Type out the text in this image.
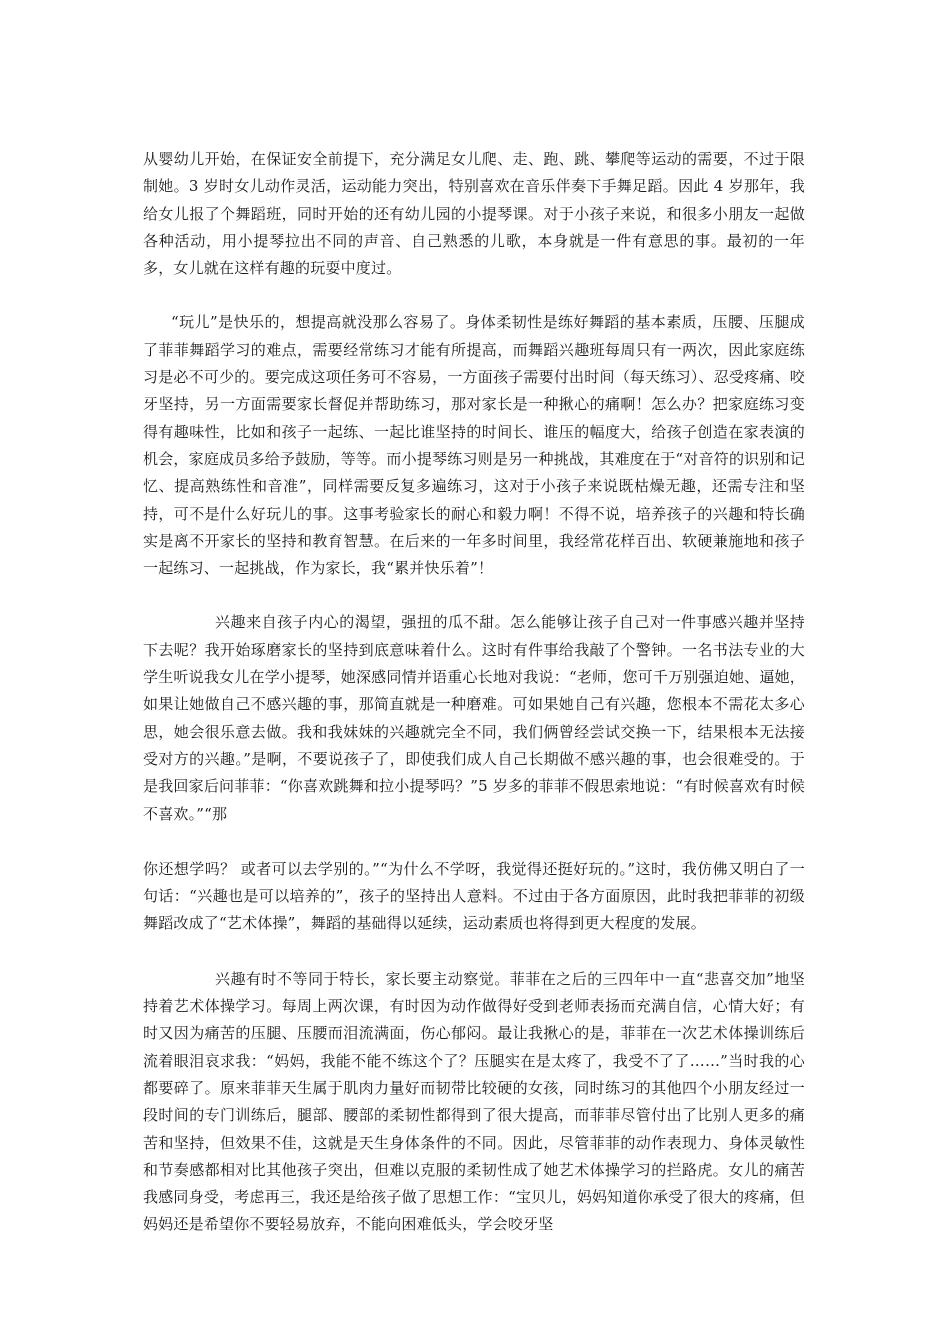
从婴幼儿开始，在保证安全前提下，充分满足女儿爬、走、跑、跳、攀爬等运动的需要，不过于限制她。3 岁时女儿动作灵活，运动能力突出，特别喜欢在音乐伴奏下手舞足蹈。因此 4 岁那年，我给女儿报了个舞蹈班，同时开始的还有幼儿园的小提琴课。对于小孩子来说，和很多小朋友一起做各种活动，用小提琴拉出不同的声音、自己熟悉的儿歌，本身就是一件有意思的事。最初的一年多，女儿就在这样有趣的玩耍中度过。

“玩儿”是快乐的，想提高就没那么容易了。身体柔韧性是练好舞蹈的基本素质，压腰、压腿成了菲菲舞蹈学习的难点，需要经常练习才能有所提高，而舞蹈兴趣班每周只有一两次，因此家庭练习是必不可少的。要完成这项任务可不容易，一方面孩子需要付出时间（每天练习）、忍受疼痛、咬牙坚持，另一方面需要家长督促并帮助练习，那对家长是一种揪心的痛啊！怎么办？把家庭练习变得有趣味性，比如和孩子一起练、一起比谁坚持的时间长、谁压的幅度大，给孩子创造在家表演的机会，家庭成员多给予鼓励，等等。而小提琴练习则是另一种挑战，其难度在于“对音符的识别和记忆、提高熟练性和音准”，同样需要反复多遍练习，这对于小孩子来说既枯燥无趣，还需专注和坚持，可不是什么好玩儿的事。这事考验家长的耐心和毅力啊！不得不说，培养孩子的兴趣和特长确实是离不开家长的坚持和教育智慧。在后来的一年多时间里，我经常花样百出、软硬兼施地和孩子一起练习、一起挑战，作为家长，我“累并快乐着”！

兴趣来自孩子内心的渴望，强扭的瓜不甜。怎么能够让孩子自己对一件事感兴趣并坚持下去呢？我开始琢磨家长的坚持到底意味着什么。这时有件事给我敲了个警钟。一名书法专业的大学生听说我女儿在学小提琴，她深感同情并语重心长地对我说：“老师，您可千万别强迫她、逼她，如果让她做自己不感兴趣的事，那简直就是一种磨难。可如果她自己有兴趣，您根本不需花太多心思，她会很乐意去做。我和我妹妹的兴趣就完全不同，我们俩曾经尝试交换一下，结果根本无法接受对方的兴趣。”是啊，不要说孩子了，即使我们成人自己长期做不感兴趣的事，也会很难受的。于是我回家后问菲菲：“你喜欢跳舞和拉小提琴吗？”5 岁多的菲菲不假思索地说：“有时候喜欢有时候不喜欢。”“那

你还想学吗？ 或者可以去学别的。”“为什么不学呀，我觉得还挺好玩的。”这时，我仿佛又明白了一句话：“兴趣也是可以培养的”，孩子的坚持出人意料。不过由于各方面原因，此时我把菲菲的初级舞蹈改成了“艺术体操”，舞蹈的基础得以延续，运动素质也将得到更大程度的发展。

兴趣有时不等同于特长，家长要主动察觉。菲菲在之后的三四年中一直“悲喜交加”地坚持着艺术体操学习。每周上两次课，有时因为动作做得好受到老师表扬而充满自信，心情大好；有时又因为痛苦的压腿、压腰而泪流满面，伤心郁闷。最让我揪心的是，菲菲在一次艺术体操训练后流着眼泪哀求我：“妈妈，我能不能不练这个了？压腿实在是太疼了，我受不了了……”当时我的心都要碎了。原来菲菲天生属于肌肉力量好而韧带比较硬的女孩，同时练习的其他四个小朋友经过一段时间的专门训练后，腿部、腰部的柔韧性都得到了很大提高，而菲菲尽管付出了比别人更多的痛苦和坚持，但效果不佳，这就是天生身体条件的不同。因此，尽管菲菲的动作表现力、身体灵敏性和节奏感都相对比其他孩子突出，但难以克服的柔韧性成了她艺术体操学习的拦路虎。女儿的痛苦我感同身受，考虑再三，我还是给孩子做了思想工作：“宝贝儿，妈妈知道你承受了很大的疼痛，但妈妈还是希望你不要轻易放弃，不能向困难低头，学会咬牙坚
